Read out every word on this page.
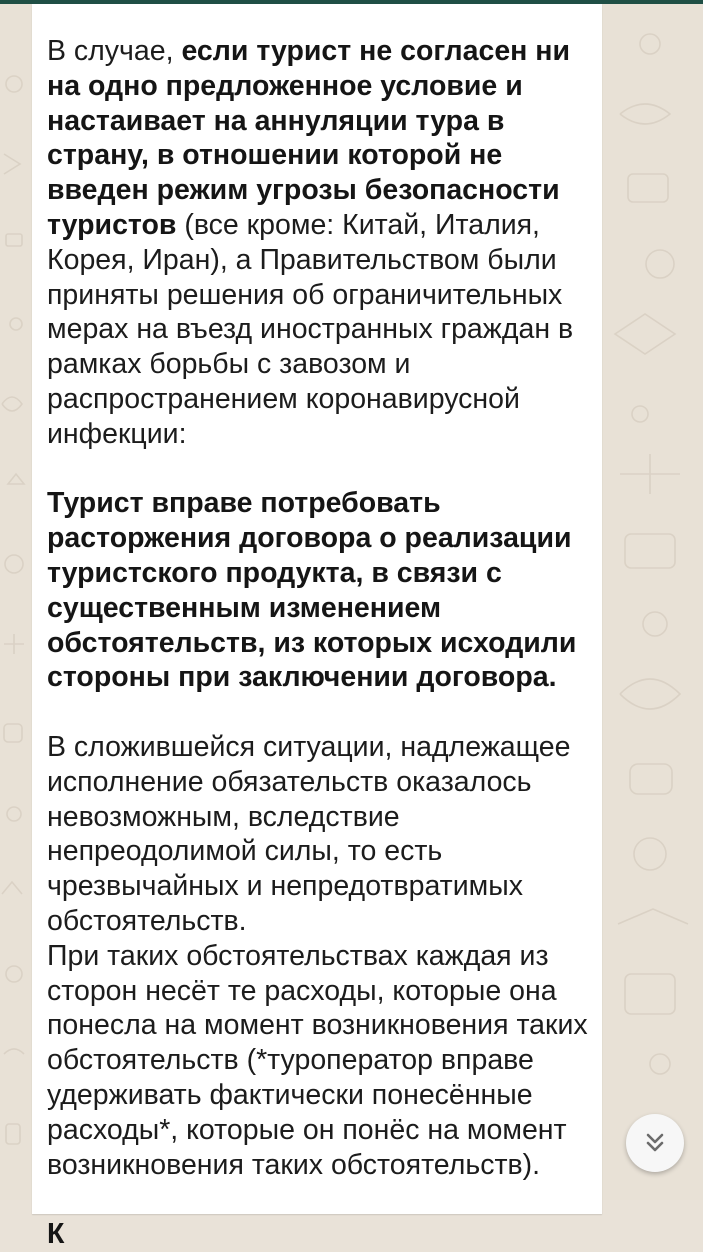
В случае, если турист не согласен ни на одно предложенное условие и настаивает на аннуляции тура в страну, в отношении которой не введен режим угрозы безопасности туристов (все кроме: Китай, Италия, Корея, Иран), а Правительством были приняты решения об ограничительных мерах на въезд иностранных граждан в рамках борьбы с завозом и распространением коронавирусной инфекции:

Турист вправе потребовать расторжения договора о реализации туристского продукта, в связи с существенным изменением обстоятельств, из которых исходили стороны при заключении договора.

В сложившейся ситуации, надлежащее исполнение обязательств оказалось невозможным, вследствие непреодолимой силы, то есть чрезвычайных и непредотвратимых обстоятельств.

При таких обстоятельствах каждая из сторон несёт те расходы, которые она понесла на момент возникновения таких обстоятельств (*туроператор вправе удерживать фактически понесённые расходы*, которые он понёс на момент возникновения таких обстоятельств).

К
